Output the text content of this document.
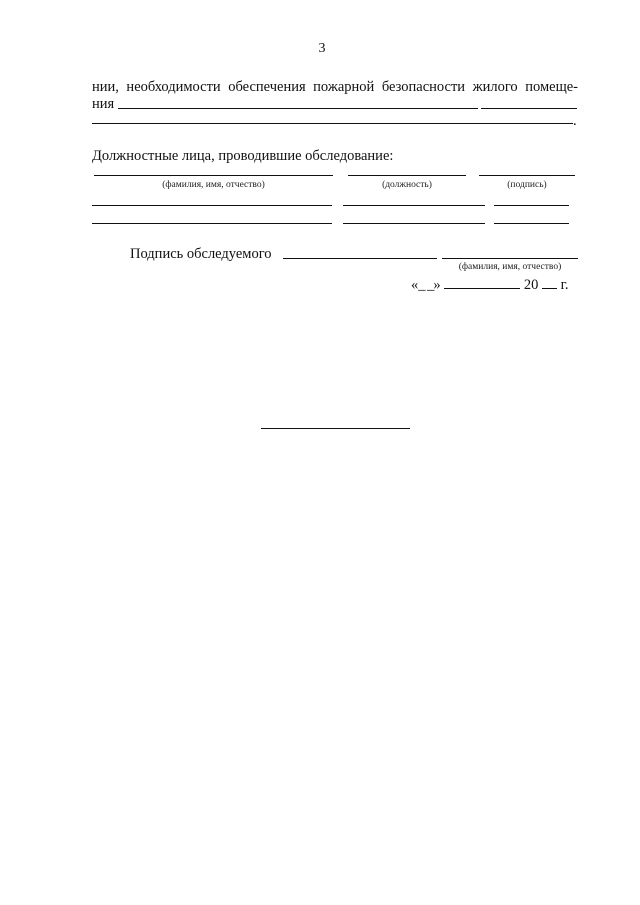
3
нии, необходимости обеспечения пожарной безопасности жилого помеще-
ния
.
Должностные лица, проводившие обследование:
(фамилия, имя, отчество)	(должность)	(подпись)
Подпись обследуемого
(фамилия, имя, отчество)
«_ _»	20 г.
